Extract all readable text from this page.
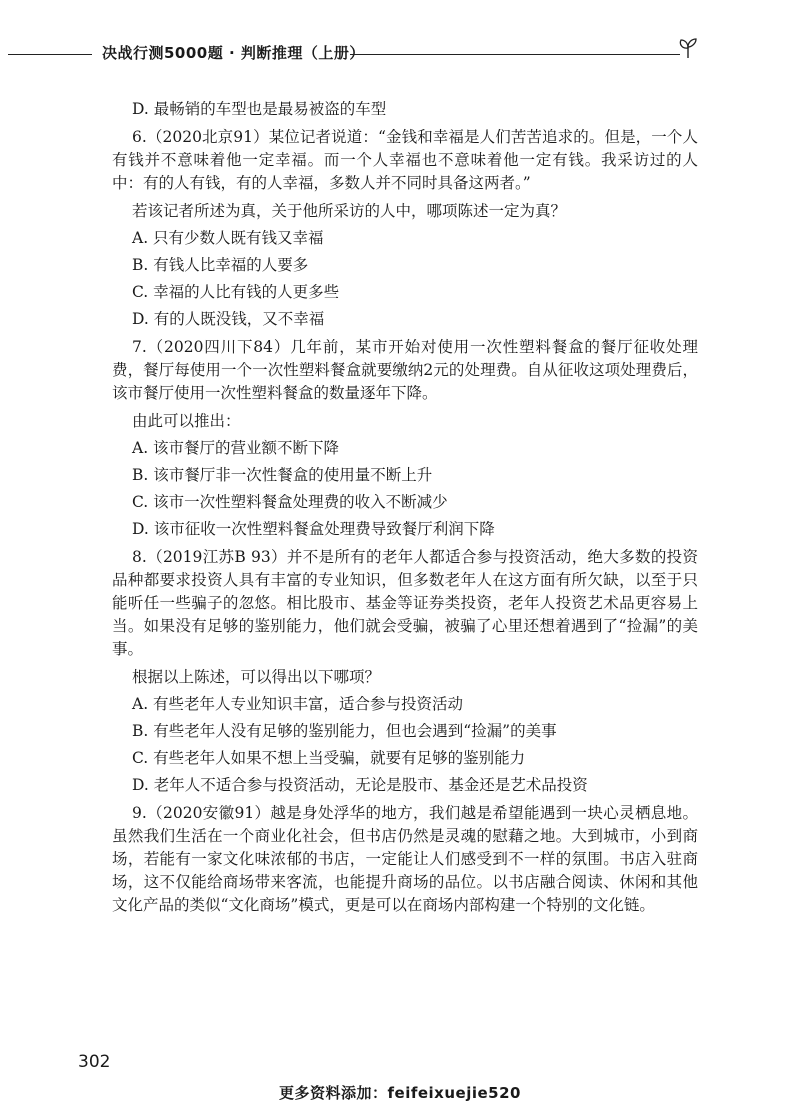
决战行测5000题 · 判断推理（上册）

D. 最畅销的车型也是最易被盗的车型

6.（2020北京91）某位记者说道：“金钱和幸福是人们苦苦追求的。但是，一个人有钱并不意味着他一定幸福。而一个人幸福也不意味着他一定有钱。我采访过的人中：有的人有钱，有的人幸福，多数人并不同时具备这两者。”

若该记者所述为真，关于他所采访的人中，哪项陈述一定为真？

A. 只有少数人既有钱又幸福

B. 有钱人比幸福的人要多

C. 幸福的人比有钱的人更多些

D. 有的人既没钱，又不幸福

7.（2020四川下84）几年前，某市开始对使用一次性塑料餐盒的餐厅征收处理费，餐厅每使用一个一次性塑料餐盒就要缴纳2元的处理费。自从征收这项处理费后，该市餐厅使用一次性塑料餐盒的数量逐年下降。

由此可以推出：

A. 该市餐厅的营业额不断下降

B. 该市餐厅非一次性餐盒的使用量不断上升

C. 该市一次性塑料餐盒处理费的收入不断减少

D. 该市征收一次性塑料餐盒处理费导致餐厅利润下降

8.（2019江苏B 93）并不是所有的老年人都适合参与投资活动，绝大多数的投资品种都要求投资人具有丰富的专业知识，但多数老年人在这方面有所欠缺，以至于只能听任一些骗子的忽悠。相比股市、基金等证券类投资，老年人投资艺术品更容易上当。如果没有足够的鉴别能力，他们就会受骗，被骗了心里还想着遇到了“捡漏”的美事。

根据以上陈述，可以得出以下哪项？

A. 有些老年人专业知识丰富，适合参与投资活动

B. 有些老年人没有足够的鉴别能力，但也会遇到“捡漏”的美事

C. 有些老年人如果不想上当受骗，就要有足够的鉴别能力

D. 老年人不适合参与投资活动，无论是股市、基金还是艺术品投资

9.（2020安徽91）越是身处浮华的地方，我们越是希望能遇到一块心灵栖息地。虽然我们生活在一个商业化社会，但书店仍然是灵魂的慰藉之地。大到城市，小到商场，若能有一家文化味浓郁的书店，一定能让人们感受到不一样的氛围。书店入驻商场，这不仅能给商场带来客流，也能提升商场的品位。以书店融合阅读、休闲和其他文化产品的类似“文化商场”模式，更是可以在商场内部构建一个特别的文化链。

302
更多资料添加：feifeixuejie520
